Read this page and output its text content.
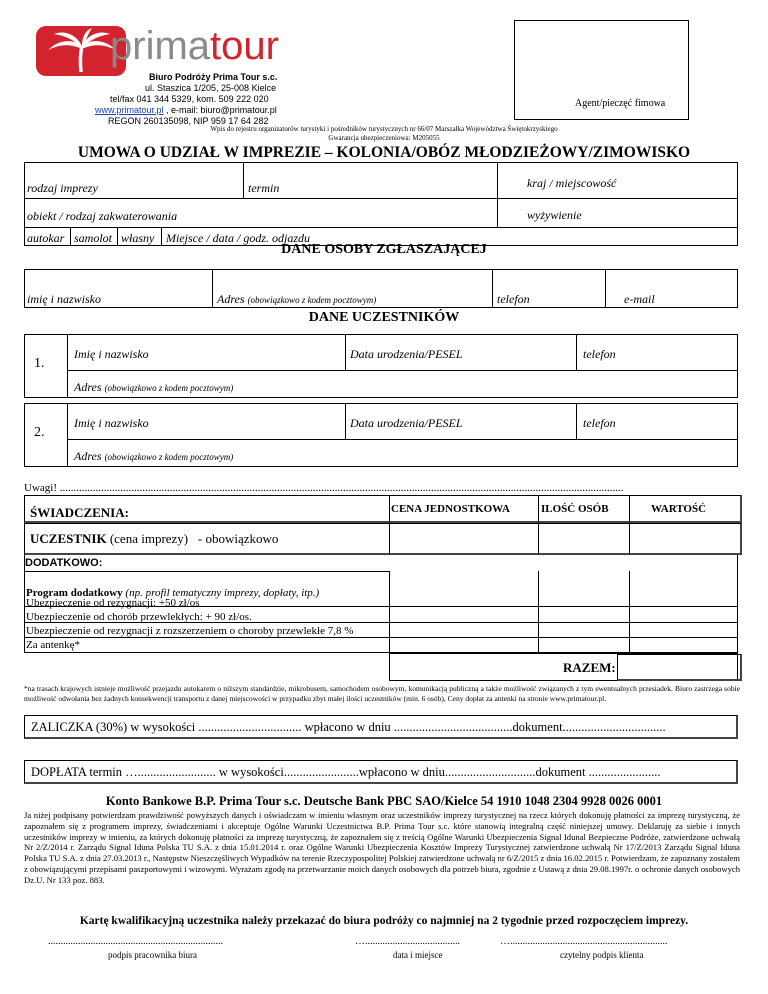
primatour
Biuro Podróży Prima Tour s.c.
ul. Staszica 1/205, 25-008 Kielce
tel/fax 041 344 5329, kom. 509 222 020
www.primatour.pl , e-mail: biuro@primatour.pl
REGON 260135098, NIP 959 17 64 282
Agent/pieczęć fimowa
Wpis do rejestru organizatorów turystyki i pośredników turystycznych nr 66/07 Marszałka Województwa Świętokrzyskiego
Gwarancja ubezpieczeniowa: M205055
UMOWA O UDZIAŁ W IMPREZIE – KOLONIA/OBÓZ MŁODZIEŻOWY/ZIMOWISKO
rodzaj imprezy	termin	kraj / miejscowość
obiekt / rodzaj zakwaterowania	wyżywienie
autokar samolot własny Miejsce / data / godz. odjazdu
DANE OSOBY ZGŁASZAJĄCEJ
imię i nazwisko	Adres (obowiązkowo z kodem pocztowym)	telefon	e-mail
DANE UCZESTNIKÓW
1.
Imię i nazwisko	Data urodzenia/PESEL	telefon
Adres (obowiązkowo z kodem pocztowym)
2.
Imię i nazwisko	Data urodzenia/PESEL	telefon
Adres (obowiązkowo z kodem pocztowym)
Uwagi! .............................................................................................................................................................................................................
ŚWIADCZENIA:	CENA JEDNOSTKOWA	ILOŚĆ OSÓB	WARTOŚĆ
UCZESTNIK (cena imprezy) - obowiązkowo
DODATKOWO:
Program dodatkowy (np. profil tematyczny imprezy, dopłaty, itp.)
Ubezpieczenie od rezygnacji: +50 zł/os
Ubezpieczenie od chorób przewlekłych: + 90 zł/os.
Ubezpieczenie od rezygnacji z rozszerzeniem o choroby przewlekłe 7,8 %
Za antenkę*
RAZEM:
*na trasach krajowych istnieje możliwość przejazdu autokarem o niższym standardzie, mikrobusem, samochodem osobowym, komunikacją publiczną a także możliwość związanych z tym ewentualnych przesiadek. Biuro zastrzega sobie możliwość odwołania bez żadnych konsekwencji transportu z danej miejscowości w przypadku zbyt małej ilości uczestników (min. 6 osób), Ceny dopłat za antenki na stronie www.primatour.pl.
ZALICZKA (30%) w wysokości ................................. wpłacono w dniu ......................................dokument.................................
DOPŁATA termin …......................... w wysokości........................wpłacono w dniu.............................dokument .......................
Konto Bankowe B.P. Prima Tour s.c. Deutsche Bank PBC SAO/Kielce 54 1910 1048 2304 9928 0026 0001
Ja niżej podpisany potwierdzam prawdziwość powyższych danych i oświadczam w imieniu własnym oraz uczestników imprezy turystycznej na rzecz których dokonuję płatności za imprezę turystyczną, że zapoznałem się z programem imprezy, świadczeniami i akceptuje Ogólne Warunki Uczestnictwa B.P. Prima Tour s.c. które stanowią integralną część niniejszej umowy. Deklaruję za siebie i innych uczestników imprezy w imieniu, za których dokonuję płatności za imprezę turystyczną, że zapoznałem się z treścią Ogólne Warunki Ubezpieczenia Signal Idunal Bezpieczne Podróże, zatwierdzone uchwałą Nr 2/Z/2014 r. Zarządu Signal Iduna Polska TU S.A. z dnia 15.01.2014 r. oraz Ogólne Warunki Ubezpieczenia Kosztów Imprezy Turystycznej zatwierdzone uchwałą Nr 17/Z/2013 Zarządu Signal Iduna Polska TU S.A. z dnia 27.03.2013 r., Następstw Nieszczęśliwych Wypadków na terenie Rzeczypospolitej Polskiej zatwierdzone uchwałą nr 6/Z/2015 z dnia 16.02.2015 r. Potwierdzam, że zapoznany zostałem z obowiązującymi przepisami paszportowymi i wizowymi. Wyrażam zgodę na przetwarzanie moich danych osobowych dla potrzeb biura, zgodnie z Ustawą z dnia 29.08.1997r. o ochronie danych osobowych Dz.U. Nr 133 poz. 883.
Kartę kwalifikacyjną uczestnika należy przekazać do biura podróży co najmniej na 2 tygodnie przed rozpoczęciem imprezy.
......................................................................
podpis pracownika biura
…......................................
data i miejsce
…...............................................................
czytelny podpis klienta
